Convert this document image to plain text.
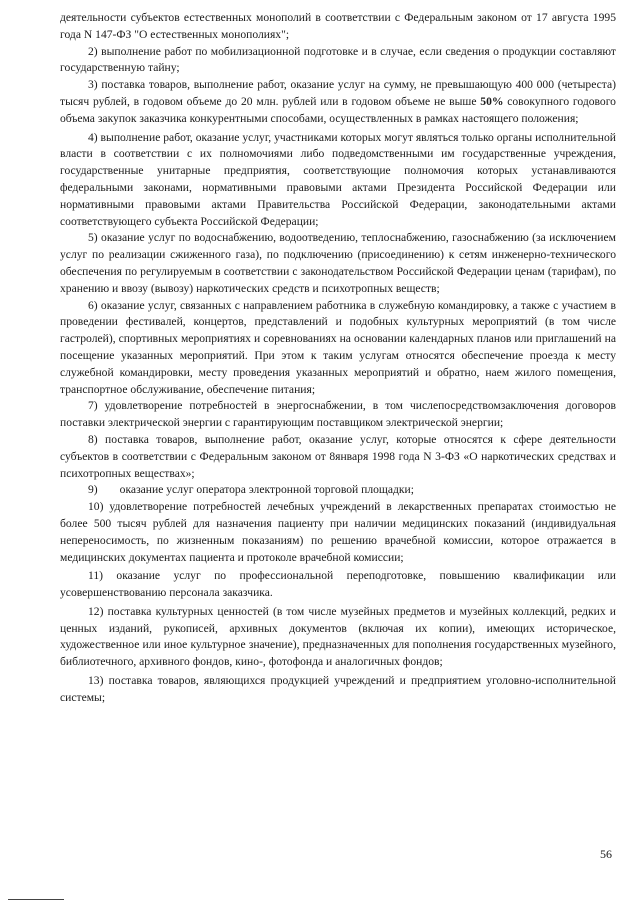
деятельности субъектов естественных монополий в соответствии с Федеральным законом от 17 августа 1995 года N 147-ФЗ "О естественных монополиях";

2) выполнение работ по мобилизационной подготовке и в случае, если сведения о продукции составляют государственную тайну;

3) поставка товаров, выполнение работ, оказание услуг на сумму, не превышающую 400 000 (четыреста) тысяч рублей, в годовом объеме до 20 млн. рублей или в годовом объеме не выше 50% совокупного годового объема закупок заказчика конкурентными способами, осуществленных в рамках настоящего положения;

4) выполнение работ, оказание услуг, участниками которых могут являться только органы исполнительной власти в соответствии с их полномочиями либо подведомственными им государственные учреждения, государственные унитарные предприятия, соответствующие полномочия которых устанавливаются федеральными законами, нормативными правовыми актами Президента Российской Федерации или нормативными правовыми актами Правительства Российской Федерации, законодательными актами соответствующего субъекта Российской Федерации;

5) оказание услуг по водоснабжению, водоотведению, теплоснабжению, газоснабжению (за исключением услуг по реализации сжиженного газа), по подключению (присоединению) к сетям инженерно-технического обеспечения по регулируемым в соответствии с законодательством Российской Федерации ценам (тарифам), по хранению и ввозу (вывозу) наркотических средств и психотропных веществ;

6) оказание услуг, связанных с направлением работника в служебную командировку, а также с участием в проведении фестивалей, концертов, представлений и подобных культурных мероприятий (в том числе гастролей), спортивных мероприятиях и соревнованиях на основании календарных планов или приглашений на посещение указанных мероприятий. При этом к таким услугам относятся обеспечение проезда к месту служебной командировки, месту проведения указанных мероприятий и обратно, наем жилого помещения, транспортное обслуживание, обеспечение питания;

7) удовлетворение потребностей в энергоснабжении, в том числепосредствомзаключения договоров поставки электрической энергии с гарантирующим поставщиком электрической энергии;

8) поставка товаров, выполнение работ, оказание услуг, которые относятся к сфере деятельности субъектов в соответствии с Федеральным законом от 8января 1998 года N 3-ФЗ «О наркотических средствах и психотропных веществах»;

9) оказание услуг оператора электронной торговой площадки;

10) удовлетворение потребностей лечебных учреждений в лекарственных препаратах стоимостью не более 500 тысяч рублей для назначения пациенту при наличии медицинских показаний (индивидуальная непереносимость, по жизненным показаниям) по решению врачебной комиссии, которое отражается в медицинских документах пациента и протоколе врачебной комиссии;

11) оказание услуг по профессиональной переподготовке, повышению квалификации или усовершенствованию персонала заказчика.

12) поставка культурных ценностей (в том числе музейных предметов и музейных коллекций, редких и ценных изданий, рукописей, архивных документов (включая их копии), имеющих историческое, художественное или иное культурное значение), предназначенных для пополнения государственных музейного, библиотечного, архивного фондов, кино-, фотофонда и аналогичных фондов;

13) поставка товаров, являющихся продукцией учреждений и предприятием уголовно-исполнительной системы;

56
